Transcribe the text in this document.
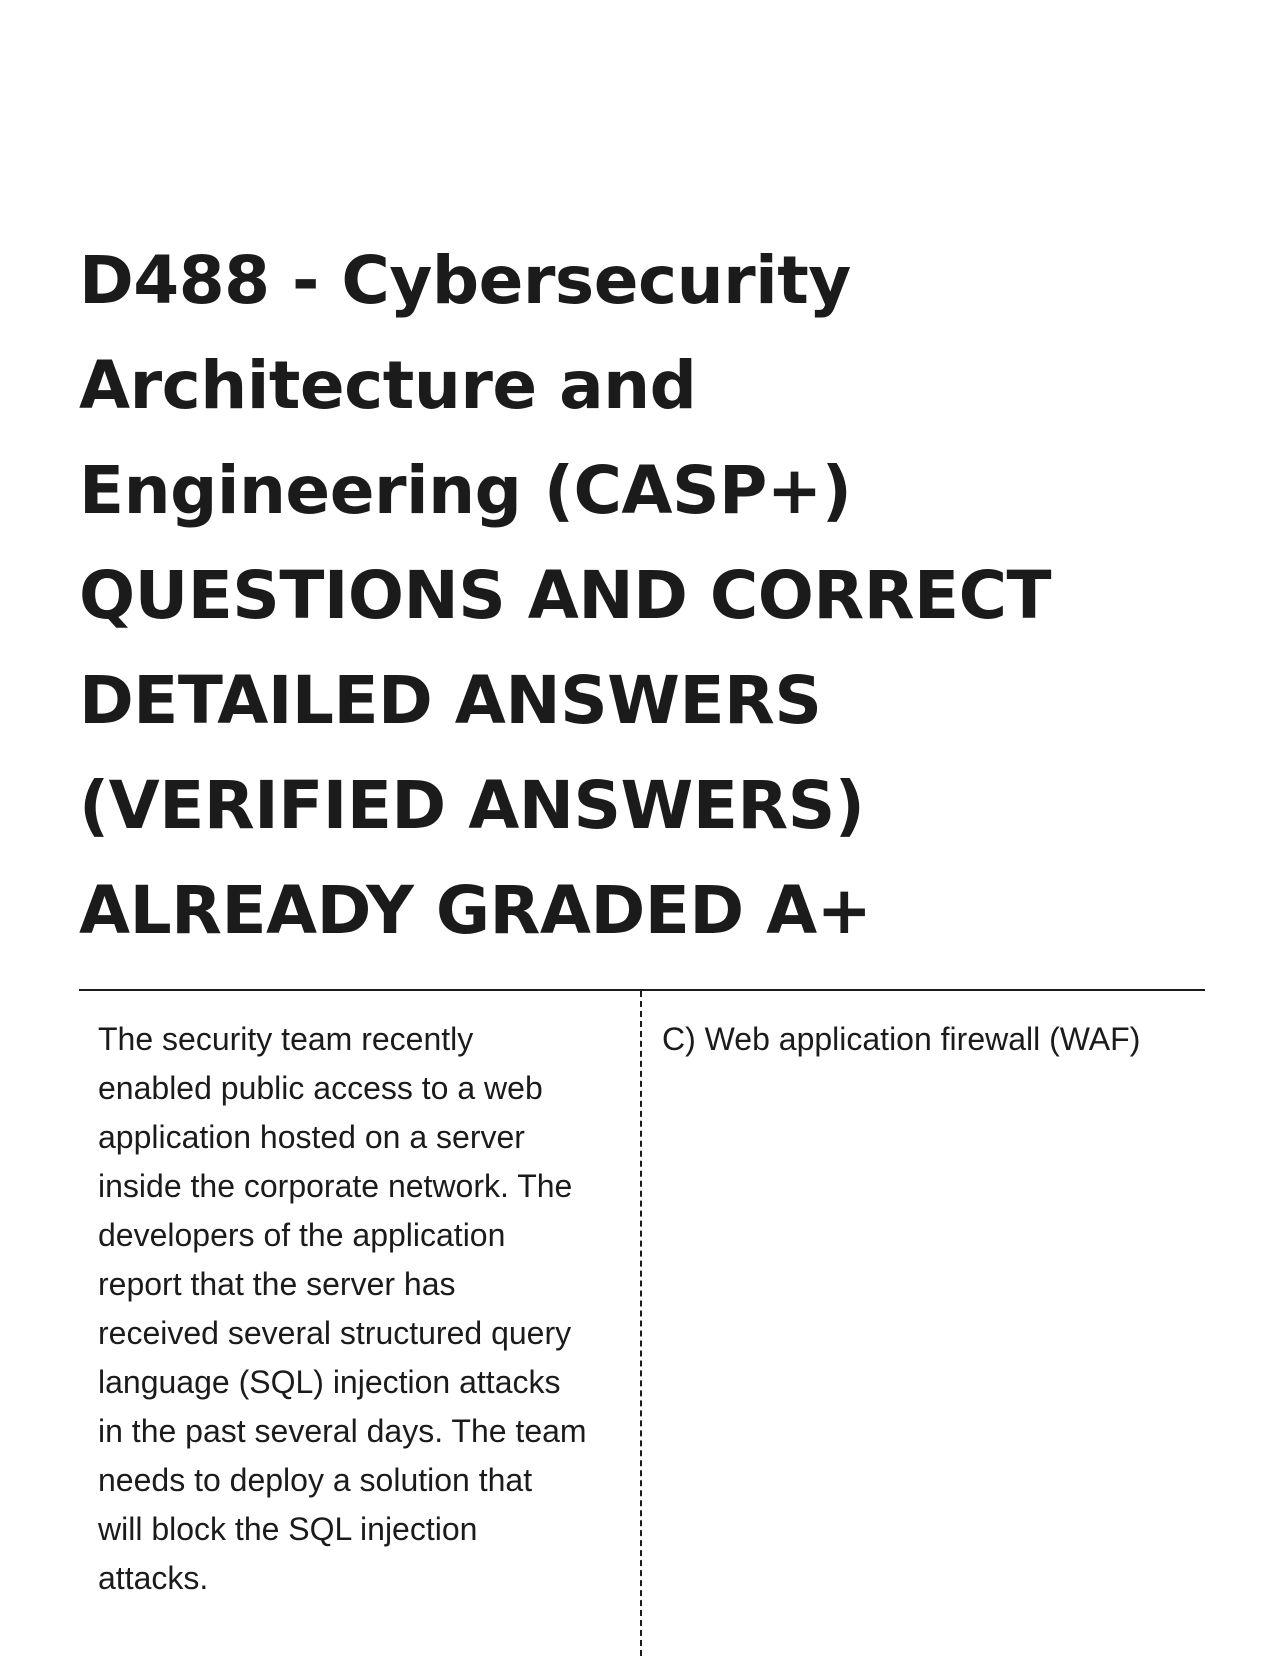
D488 - Cybersecurity
Architecture and
Engineering (CASP+)
QUESTIONS AND CORRECT
DETAILED ANSWERS
(VERIFIED ANSWERS)
ALREADY GRADED A+

The security team recently
enabled public access to a web
application hosted on a server
inside the corporate network. The
developers of the application
report that the server has
received several structured query
language (SQL) injection attacks
in the past several days. The team
needs to deploy a solution that
will block the SQL injection
attacks.

C) Web application firewall (WAF)
